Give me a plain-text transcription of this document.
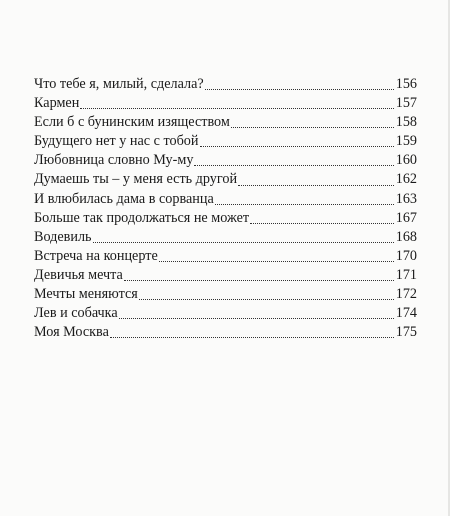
Что тебе я, милый, сделала?	156
Кармен	157
Если б с бунинским изяществом	158
Будущего нет у нас с тобой	159
Любовница словно Му-му	160
Думаешь ты – у меня есть другой	162
И влюбилась дама в сорванца	163
Больше так продолжаться не может	167
Водевиль	168
Встреча на концерте	170
Девичья мечта	171
Мечты меняются	172
Лев и собачка	174
Моя Москва	175
